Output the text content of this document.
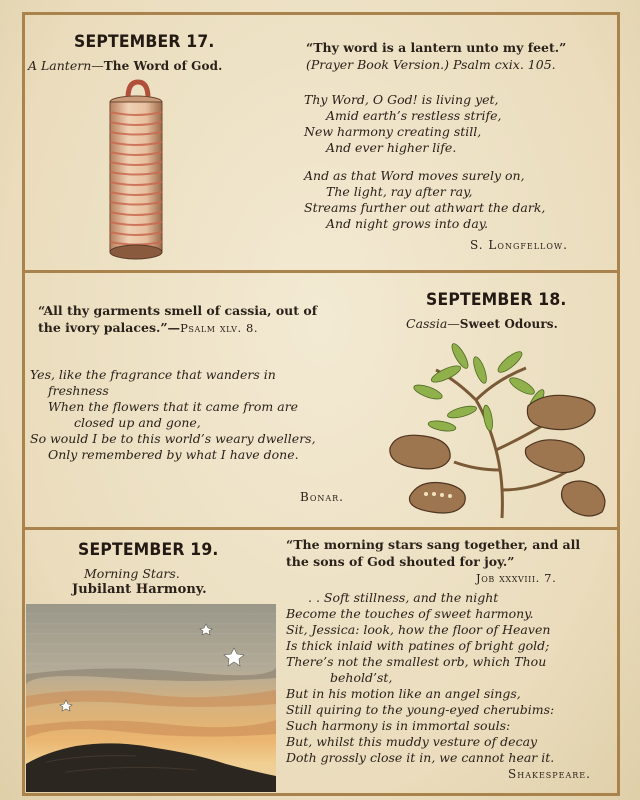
SEPTEMBER 17.
A Lantern—The Word of God.
“Thy word is a lantern unto my feet.”
(Prayer Book Version.) Psalm cxix. 105.
Thy Word, O God! is living yet,
Amid earth’s restless strife,
New harmony creating still,
And ever higher life.
And as that Word moves surely on,
The light, ray after ray,
Streams further out athwart the dark,
And night grows into day.
S. Longfellow.
“All thy garments smell of cassia, out of
the ivory palaces.”—Psalm xlv. 8.
Yes, like the fragrance that wanders in
freshness
When the flowers that it came from are
closed up and gone,
So would I be to this world’s weary dwellers,
Only remembered by what I have done.
Bonar.
SEPTEMBER 18.
Cassia—Sweet Odours.
SEPTEMBER 19.
Morning Stars.
Jubilant Harmony.
“The morning stars sang together, and all
the sons of God shouted for joy.”
Job xxxviii. 7.
. . Soft stillness, and the night
Become the touches of sweet harmony.
Sit, Jessica: look, how the floor of Heaven
Is thick inlaid with patines of bright gold;
There’s not the smallest orb, which Thou
behold’st,
But in his motion like an angel sings,
Still quiring to the young-eyed cherubims:
Such harmony is in immortal souls:
But, whilst this muddy vesture of decay
Doth grossly close it in, we cannot hear it.
Shakespeare.
